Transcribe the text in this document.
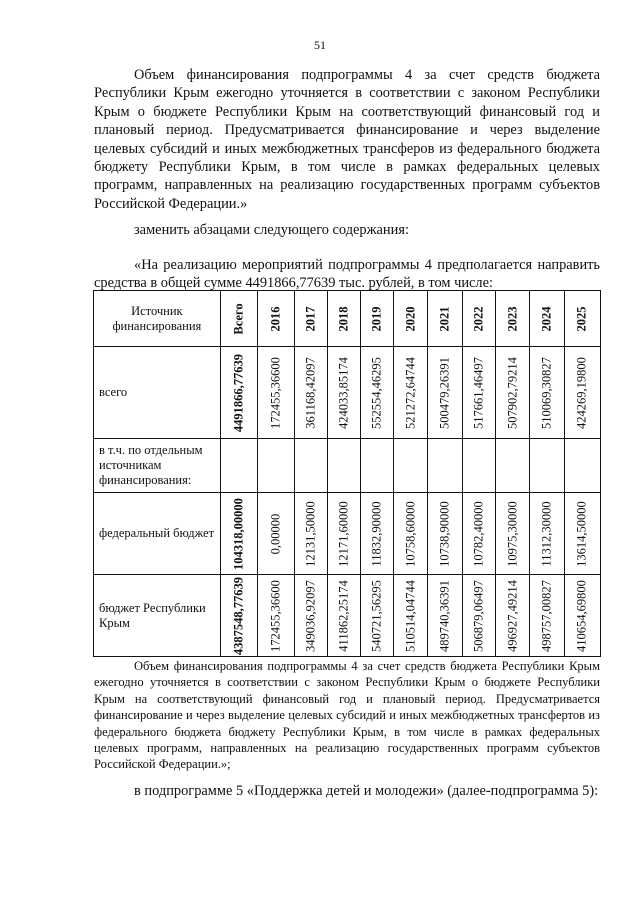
51

Объем финансирования подпрограммы 4 за счет средств бюджета Республики Крым ежегодно уточняется в соответствии с законом Республики Крым о бюджете Республики Крым на соответствующий финансовый год и плановый период. Предусматривается финансирование и через выделение целевых субсидий и иных межбюджетных трансферов из федерального бюджета бюджету Республики Крым, в том числе в рамках федеральных целевых программ, направленных на реализацию государственных программ субъектов Российской Федерации.»

заменить абзацами следующего содержания:

«На реализацию мероприятий подпрограммы 4 предполагается направить средства в общей сумме 4491866,77639 тыс. рублей, в том числе:

Источник финансирования	Всего	2016	2017	2018	2019	2020	2021	2022	2023	2024	2025

всего	4491866,77639	172455,36600	361168,42097	424033,85174	552554,46295	521272,64744	500479,26391	517661,46497	507902,79214	510069,30827	424269,19800

в т.ч. по отдельным источникам финансирования:	

федеральный бюджет	104318,00000	0,00000	12131,50000	12171,60000	11832,90000	10758,60000	10738,90000	10782,40000	10975,30000	11312,30000	13614,50000

бюджет Республики Крым	4387548,77639	172455,36600	349036,92097	411862,25174	540721,56295	510514,04744	489740,36391	506879,06497	496927,49214	498757,00827	410654,69800

Объем финансирования подпрограммы 4 за счет средств бюджета Республики Крым ежегодно уточняется в соответствии с законом Республики Крым о бюджете Республики Крым на соответствующий финансовый год и плановый период. Предусматривается финансирование и через выделение целевых субсидий и иных межбюджетных трансфертов из федерального бюджета бюджету Республики Крым, в том числе в рамках федеральных целевых программ, направленных на реализацию государственных программ субъектов Российской Федерации.»;

в подпрограмме 5 «Поддержка детей и молодежи» (далее-подпрограмма 5):
